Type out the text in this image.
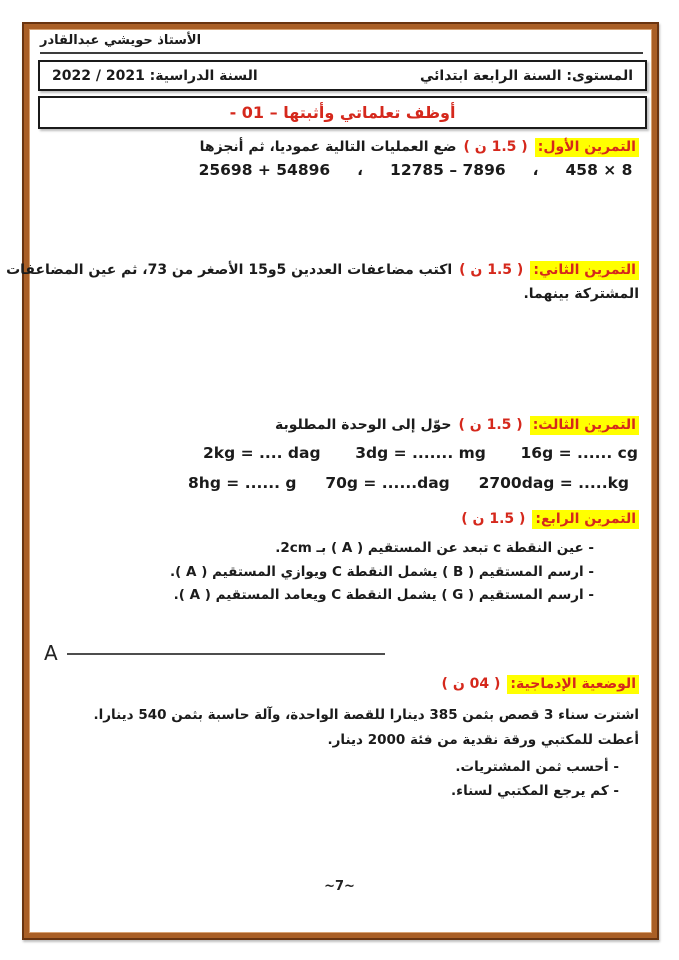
الأستاذ حويشي عبدالقادر
المستوى: السنة الرابعة ابتدائي
السنة الدراسية: 2021 / 2022
أوظف تعلماتي وأثبتها – 01 -
التمرين الأول:( 1.5 ن )ضع العمليات التالية عموديا، ثم أنجزها
25698 + 54896     ،     12785 – 7896     ،     458 × 8
التمرين الثاني:( 1.5 ن )اكتب مضاعفات العددين 5و15 الأصغر من 73، ثم عين المضاعفات
المشتركة بينهما.
التمرين الثالث:( 1.5 ن )حوّل إلى الوحدة المطلوبة
2kg = .... dag 3dg = ....... mg 16g = ...... cg
8hg = ...... g 70g = ......dag 2700dag = .....kg
التمرين الرابع:( 1.5 ن )
- عين النقطة c تبعد عن المستقيم ( A ) بـ 2cm.
- ارسم المستقيم ( B ) يشمل النقطة C ويوازي المستقيم ( A ).
- ارسم المستقيم ( G ) يشمل النقطة C ويعامد المستقيم ( A ).
A
الوضعية الإدماجية:( 04 ن )
اشترت سناء 3 قصص بثمن 385 دينارا للقصة الواحدة، وآلة حاسبة بثمن 540 دينارا.
أعطت للمكتبي ورقة نقدية من فئة 2000 دينار.
- أحسب ثمن المشتريات.
- كم يرجع المكتبي لسناء.
~7~
